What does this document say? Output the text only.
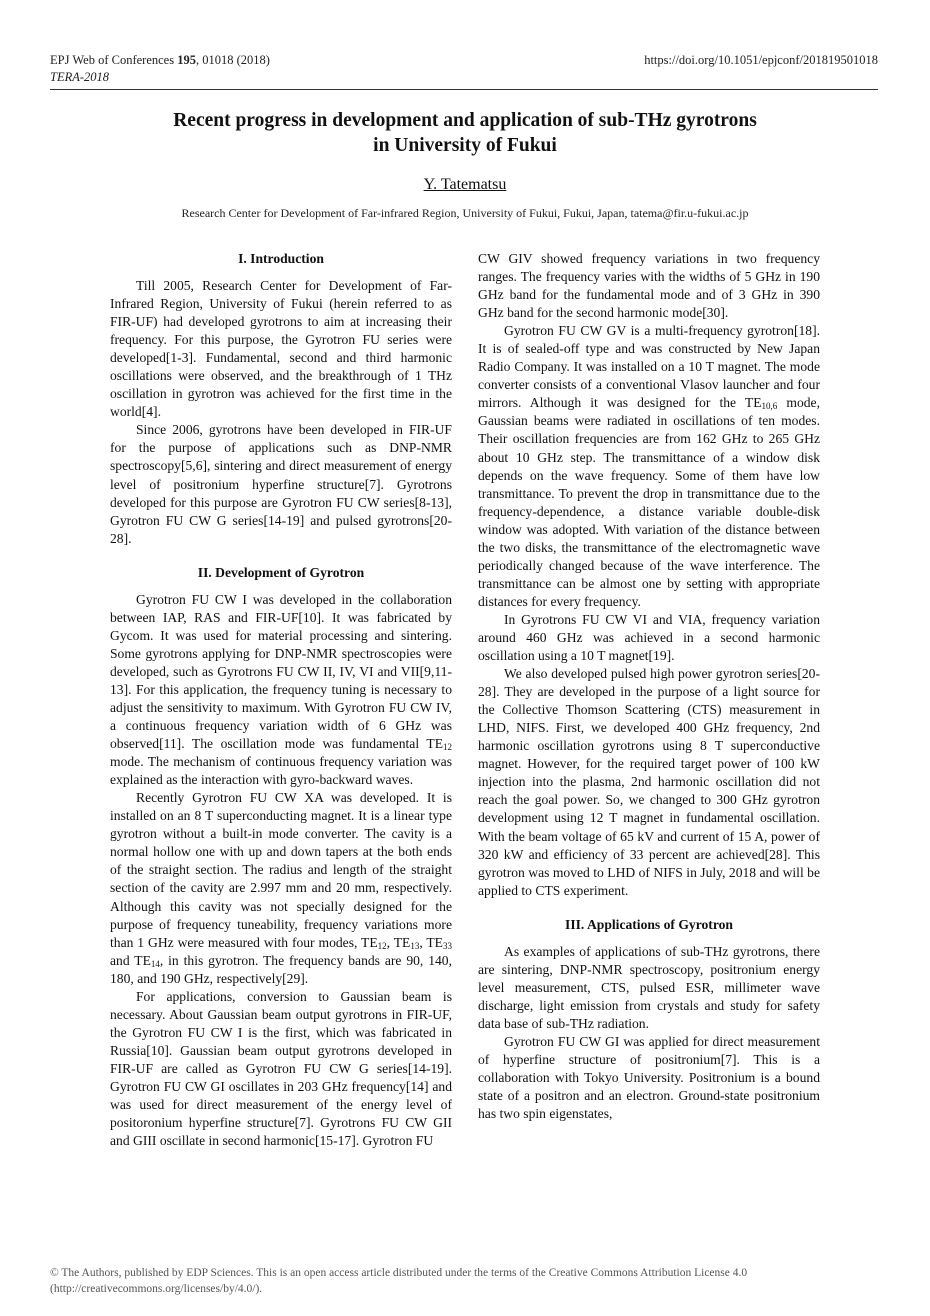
EPJ Web of Conferences 195, 01018 (2018)
TERA-2018
https://doi.org/10.1051/epjconf/201819501018
Recent progress in development and application of sub-THz gyrotrons
in University of Fukui
Y. Tatematsu
Research Center for Development of Far-infrared Region, University of Fukui, Fukui, Japan, tatema@fir.u-fukui.ac.jp
I. Introduction

Till 2005, Research Center for Development of Far-Infrared Region, University of Fukui (herein referred to as FIR-UF) had developed gyrotrons to aim at increasing their frequency. For this purpose, the Gyrotron FU series were developed[1-3]. Fundamental, second and third harmonic oscillations were observed, and the breakthrough of 1 THz oscillation in gyrotron was achieved for the first time in the world[4].

Since 2006, gyrotrons have been developed in FIR-UF for the purpose of applications such as DNP-NMR spectroscopy[5,6], sintering and direct measurement of energy level of positronium hyperfine structure[7]. Gyrotrons developed for this purpose are Gyrotron FU CW series[8-13], Gyrotron FU CW G series[14-19] and pulsed gyrotrons[20-28].

II. Development of Gyrotron

Gyrotron FU CW I was developed in the collaboration between IAP, RAS and FIR-UF[10]. It was fabricated by Gycom. It was used for material processing and sintering. Some gyrotrons applying for DNP-NMR spectroscopies were developed, such as Gyrotrons FU CW II, IV, VI and VII[9,11-13]. For this application, the frequency tuning is necessary to adjust the sensitivity to maximum. With Gyrotron FU CW IV, a continuous frequency variation width of 6 GHz was observed[11]. The oscillation mode was fundamental $TE_{12}$ mode. The mechanism of continuous frequency variation was explained as the interaction with gyro-backward waves.

Recently Gyrotron FU CW XA was developed. It is installed on an 8 T superconducting magnet. It is a linear type gyrotron without a built-in mode converter. The cavity is a normal hollow one with up and down tapers at the both ends of the straight section. The radius and length of the straight section of the cavity are 2.997 mm and 20 mm, respectively. Although this cavity was not specially designed for the purpose of frequency tuneability, frequency variations more than 1 GHz were measured with four modes, $TE_{12}$, $TE_{13}$, $TE_{33}$ and $TE_{14}$, in this gyrotron. The frequency bands are 90, 140, 180, and 190 GHz, respectively[29].

For applications, conversion to Gaussian beam is necessary. About Gaussian beam output gyrotrons in FIR-UF, the Gyrotron FU CW I is the first, which was fabricated in Russia[10]. Gaussian beam output gyrotrons developed in FIR-UF are called as Gyrotron FU CW G series[14-19]. Gyrotron FU CW GI oscillates in 203 GHz frequency[14] and was used for direct measurement of the energy level of positoronium hyperfine structure[7]. Gyrotrons FU CW GII and GIII oscillate in second harmonic[15-17]. Gyrotron FU

CW GIV showed frequency variations in two frequency ranges. The frequency varies with the widths of 5 GHz in 190 GHz band for the fundamental mode and of 3 GHz in 390 GHz band for the second harmonic mode[30].

Gyrotron FU CW GV is a multi-frequency gyrotron[18]. It is of sealed-off type and was constructed by New Japan Radio Company. It was installed on a 10 T magnet. The mode converter consists of a conventional Vlasov launcher and four mirrors. Although it was designed for the $TE_{10,6}$ mode, Gaussian beams were radiated in oscillations of ten modes. Their oscillation frequencies are from 162 GHz to 265 GHz about 10 GHz step. The transmittance of a window disk depends on the wave frequency. Some of them have low transmittance. To prevent the drop in transmittance due to the frequency-dependence, a distance variable double-disk window was adopted. With variation of the distance between the two disks, the transmittance of the electromagnetic wave periodically changed because of the wave interference. The transmittance can be almost one by setting with appropriate distances for every frequency.

In Gyrotrons FU CW VI and VIA, frequency variation around 460 GHz was achieved in a second harmonic oscillation using a 10 T magnet[19].

We also developed pulsed high power gyrotron series[20-28]. They are developed in the purpose of a light source for the Collective Thomson Scattering (CTS) measurement in LHD, NIFS. First, we developed 400 GHz frequency, 2nd harmonic oscillation gyrotrons using 8 T superconductive magnet. However, for the required target power of 100 kW injection into the plasma, 2nd harmonic oscillation did not reach the goal power. So, we changed to 300 GHz gyrotron development using 12 T magnet in fundamental oscillation. With the beam voltage of 65 kV and current of 15 A, power of 320 kW and efficiency of 33 percent are achieved[28]. This gyrotron was moved to LHD of NIFS in July, 2018 and will be applied to CTS experiment.

III. Applications of Gyrotron

As examples of applications of sub-THz gyrotrons, there are sintering, DNP-NMR spectroscopy, positronium energy level measurement, CTS, pulsed ESR, millimeter wave discharge, light emission from crystals and study for safety data base of sub-THz radiation.

Gyrotron FU CW GI was applied for direct measurement of hyperfine structure of positronium[7]. This is a collaboration with Tokyo University. Positronium is a bound state of a positron and an electron. Ground-state positronium has two spin eigenstates,

© The Authors, published by EDP Sciences. This is an open access article distributed under the terms of the Creative Commons Attribution License 4.0
(http://creativecommons.org/licenses/by/4.0/).
